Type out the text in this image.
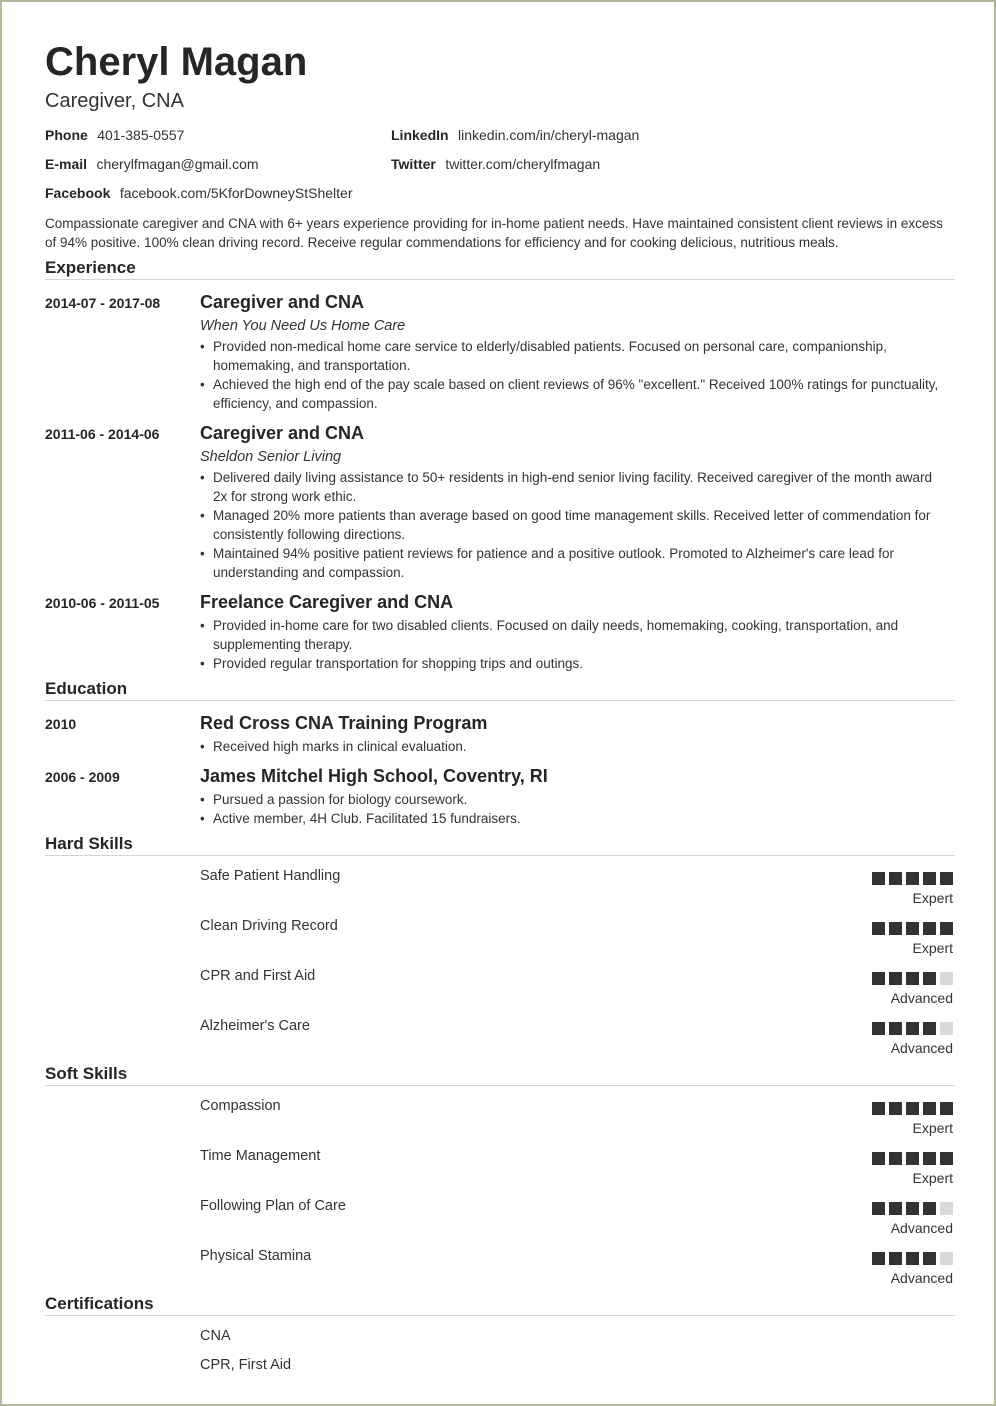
Cheryl Magan
Caregiver, CNA
Phone 401-385-0557
E-mail cherylfmagan@gmail.com
Facebook facebook.com/5KforDowneyStShelter
LinkedIn linkedin.com/in/cheryl-magan
Twitter twitter.com/cherylfmagan
Compassionate caregiver and CNA with 6+ years experience providing for in-home patient needs. Have maintained consistent client reviews in excess of 94% positive. 100% clean driving record. Receive regular commendations for efficiency and for cooking delicious, nutritious meals.
Experience
2014-07 - 2017-08 Caregiver and CNA
When You Need Us Home Care
• Provided non-medical home care service to elderly/disabled patients. Focused on personal care, companionship, homemaking, and transportation.
• Achieved the high end of the pay scale based on client reviews of 96% "excellent." Received 100% ratings for punctuality, efficiency, and compassion.
2011-06 - 2014-06 Caregiver and CNA
Sheldon Senior Living
• Delivered daily living assistance to 50+ residents in high-end senior living facility. Received caregiver of the month award 2x for strong work ethic.
• Managed 20% more patients than average based on good time management skills. Received letter of commendation for consistently following directions.
• Maintained 94% positive patient reviews for patience and a positive outlook. Promoted to Alzheimer's care lead for understanding and compassion.
2010-06 - 2011-05 Freelance Caregiver and CNA
• Provided in-home care for two disabled clients. Focused on daily needs, homemaking, cooking, transportation, and supplementing therapy.
• Provided regular transportation for shopping trips and outings.
Education
2010	Red Cross CNA Training Program
• Received high marks in clinical evaluation.
2006 - 2009	James Mitchel High School, Coventry, RI
• Pursued a passion for biology coursework.
• Active member, 4H Club. Facilitated 15 fundraisers.
Hard Skills
Safe Patient Handling
Expert
Clean Driving Record
Expert
CPR and First Aid
Advanced
Alzheimer's Care
Advanced
Soft Skills
Compassion
Expert
Time Management
Expert
Following Plan of Care
Advanced
Physical Stamina
Advanced
Certifications
CNA
CPR, First Aid
